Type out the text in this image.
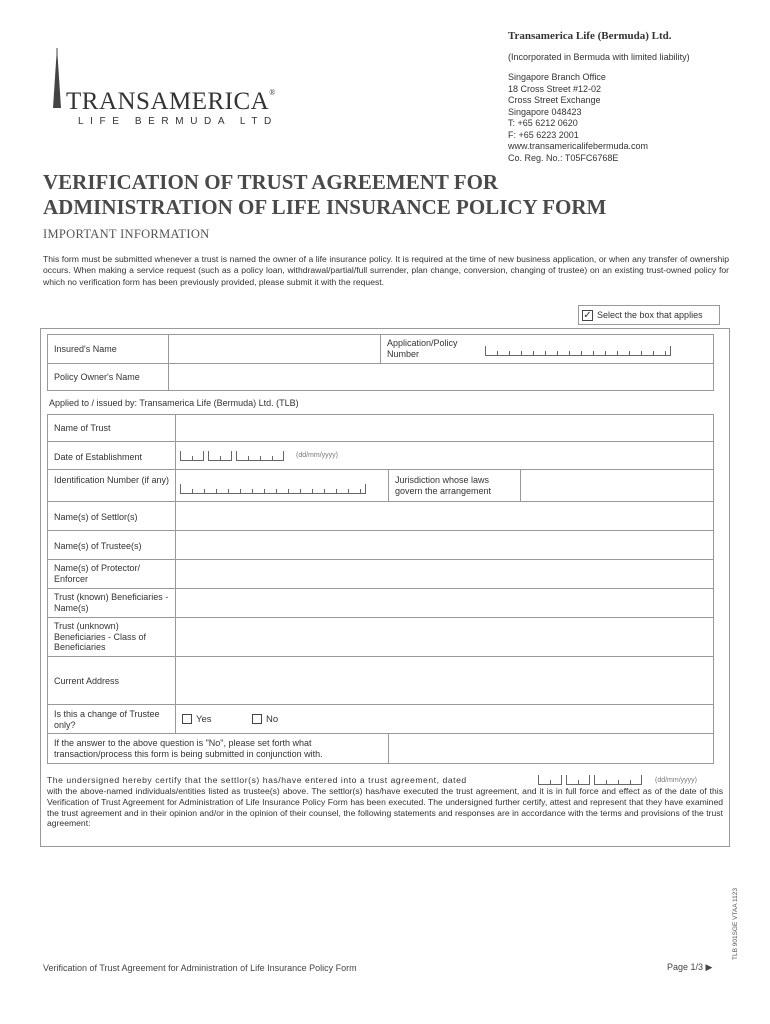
TRANSAMERICA®
LIFE BERMUDA LTD
Transamerica Life (Bermuda) Ltd.
(Incorporated in Bermuda with limited liability)
Singapore Branch Office
18 Cross Street #12-02
Cross Street Exchange
Singapore 048423
T: +65 6212 0620
F: +65 6223 2001
www.transamericalifebermuda.com
Co. Reg. No.: T05FC6768E
VERIFICATION OF TRUST AGREEMENT FOR
ADMINISTRATION OF LIFE INSURANCE POLICY FORM
IMPORTANT INFORMATION
This form must be submitted whenever a trust is named the owner of a life insurance policy. It is required at the time of new business application, or when any transfer of ownership occurs. When making a service request (such as a policy loan, withdrawal/partial/full surrender, plan change, conversion, changing of trustee) on an existing trust-owned policy for which no verification form has been previously provided, please submit it with the request.
✓ Select the box that applies
Insured's Name
Application/Policy Number
Policy Owner's Name
Applied to / issued by: Transamerica Life (Bermuda) Ltd. (TLB)
Name of Trust
Date of Establishment	(dd/mm/yyyy)
Identification Number (if any)	Jurisdiction whose laws govern the arrangement
Name(s) of Settlor(s)
Name(s) of Trustee(s)
Name(s) of Protector/ Enforcer
Trust (known) Beneficiaries - Name(s)
Trust (unknown) Beneficiaries - Class of Beneficiaries
Current Address
Is this a change of Trustee only?	Yes	No
If the answer to the above question is "No", please set forth what transaction/process this form is being submitted in conjunction with.
The undersigned hereby certify that the settlor(s) has/have entered into a trust agreement, dated	(dd/mm/yyyy)
with the above-named individuals/entities listed as trustee(s) above. The settlor(s) has/have executed the trust agreement, and it is in full force and effect as of the date of this Verification of Trust Agreement for Administration of Life Insurance Policy Form has been executed. The undersigned further certify, attest and represent that they have examined the trust agreement and in their opinion and/or in the opinion of their counsel, the following statements and responses are in accordance with the terms and provisions of the trust agreement:
TLB 901SGE VTAA 1123
Verification of Trust Agreement for Administration of Life Insurance Policy Form	Page 1/3 ▶
